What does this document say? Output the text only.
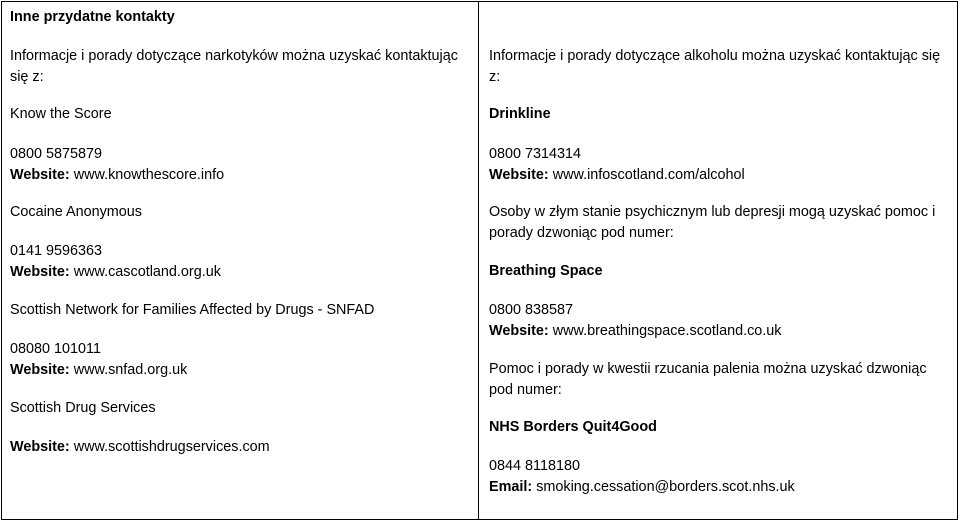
Inne przydatne kontakty
Informacje i porady dotyczące narkotyków można uzyskać kontaktując się z:
Know the Score
0800 5875879
Website: www.knowthescore.info
Cocaine Anonymous
0141 9596363
Website: www.cascotland.org.uk
Scottish Network for Families Affected by Drugs - SNFAD
08080 101011
Website: www.snfad.org.uk
Scottish Drug Services
Website: www.scottishdrugservices.com
Informacje i porady dotyczące alkoholu można uzyskać kontaktując się z:
Drinkline
0800 7314314
Website: www.infoscotland.com/alcohol
Osoby w złym stanie psychicznym lub depresji mogą uzyskać pomoc i porady dzwoniąc pod numer:
Breathing Space
0800 838587
Website: www.breathingspace.scotland.co.uk
Pomoc i porady w kwestii rzucania palenia można uzyskać dzwoniąc pod numer:
NHS Borders Quit4Good
0844 8118180
Email: smoking.cessation@borders.scot.nhs.uk
